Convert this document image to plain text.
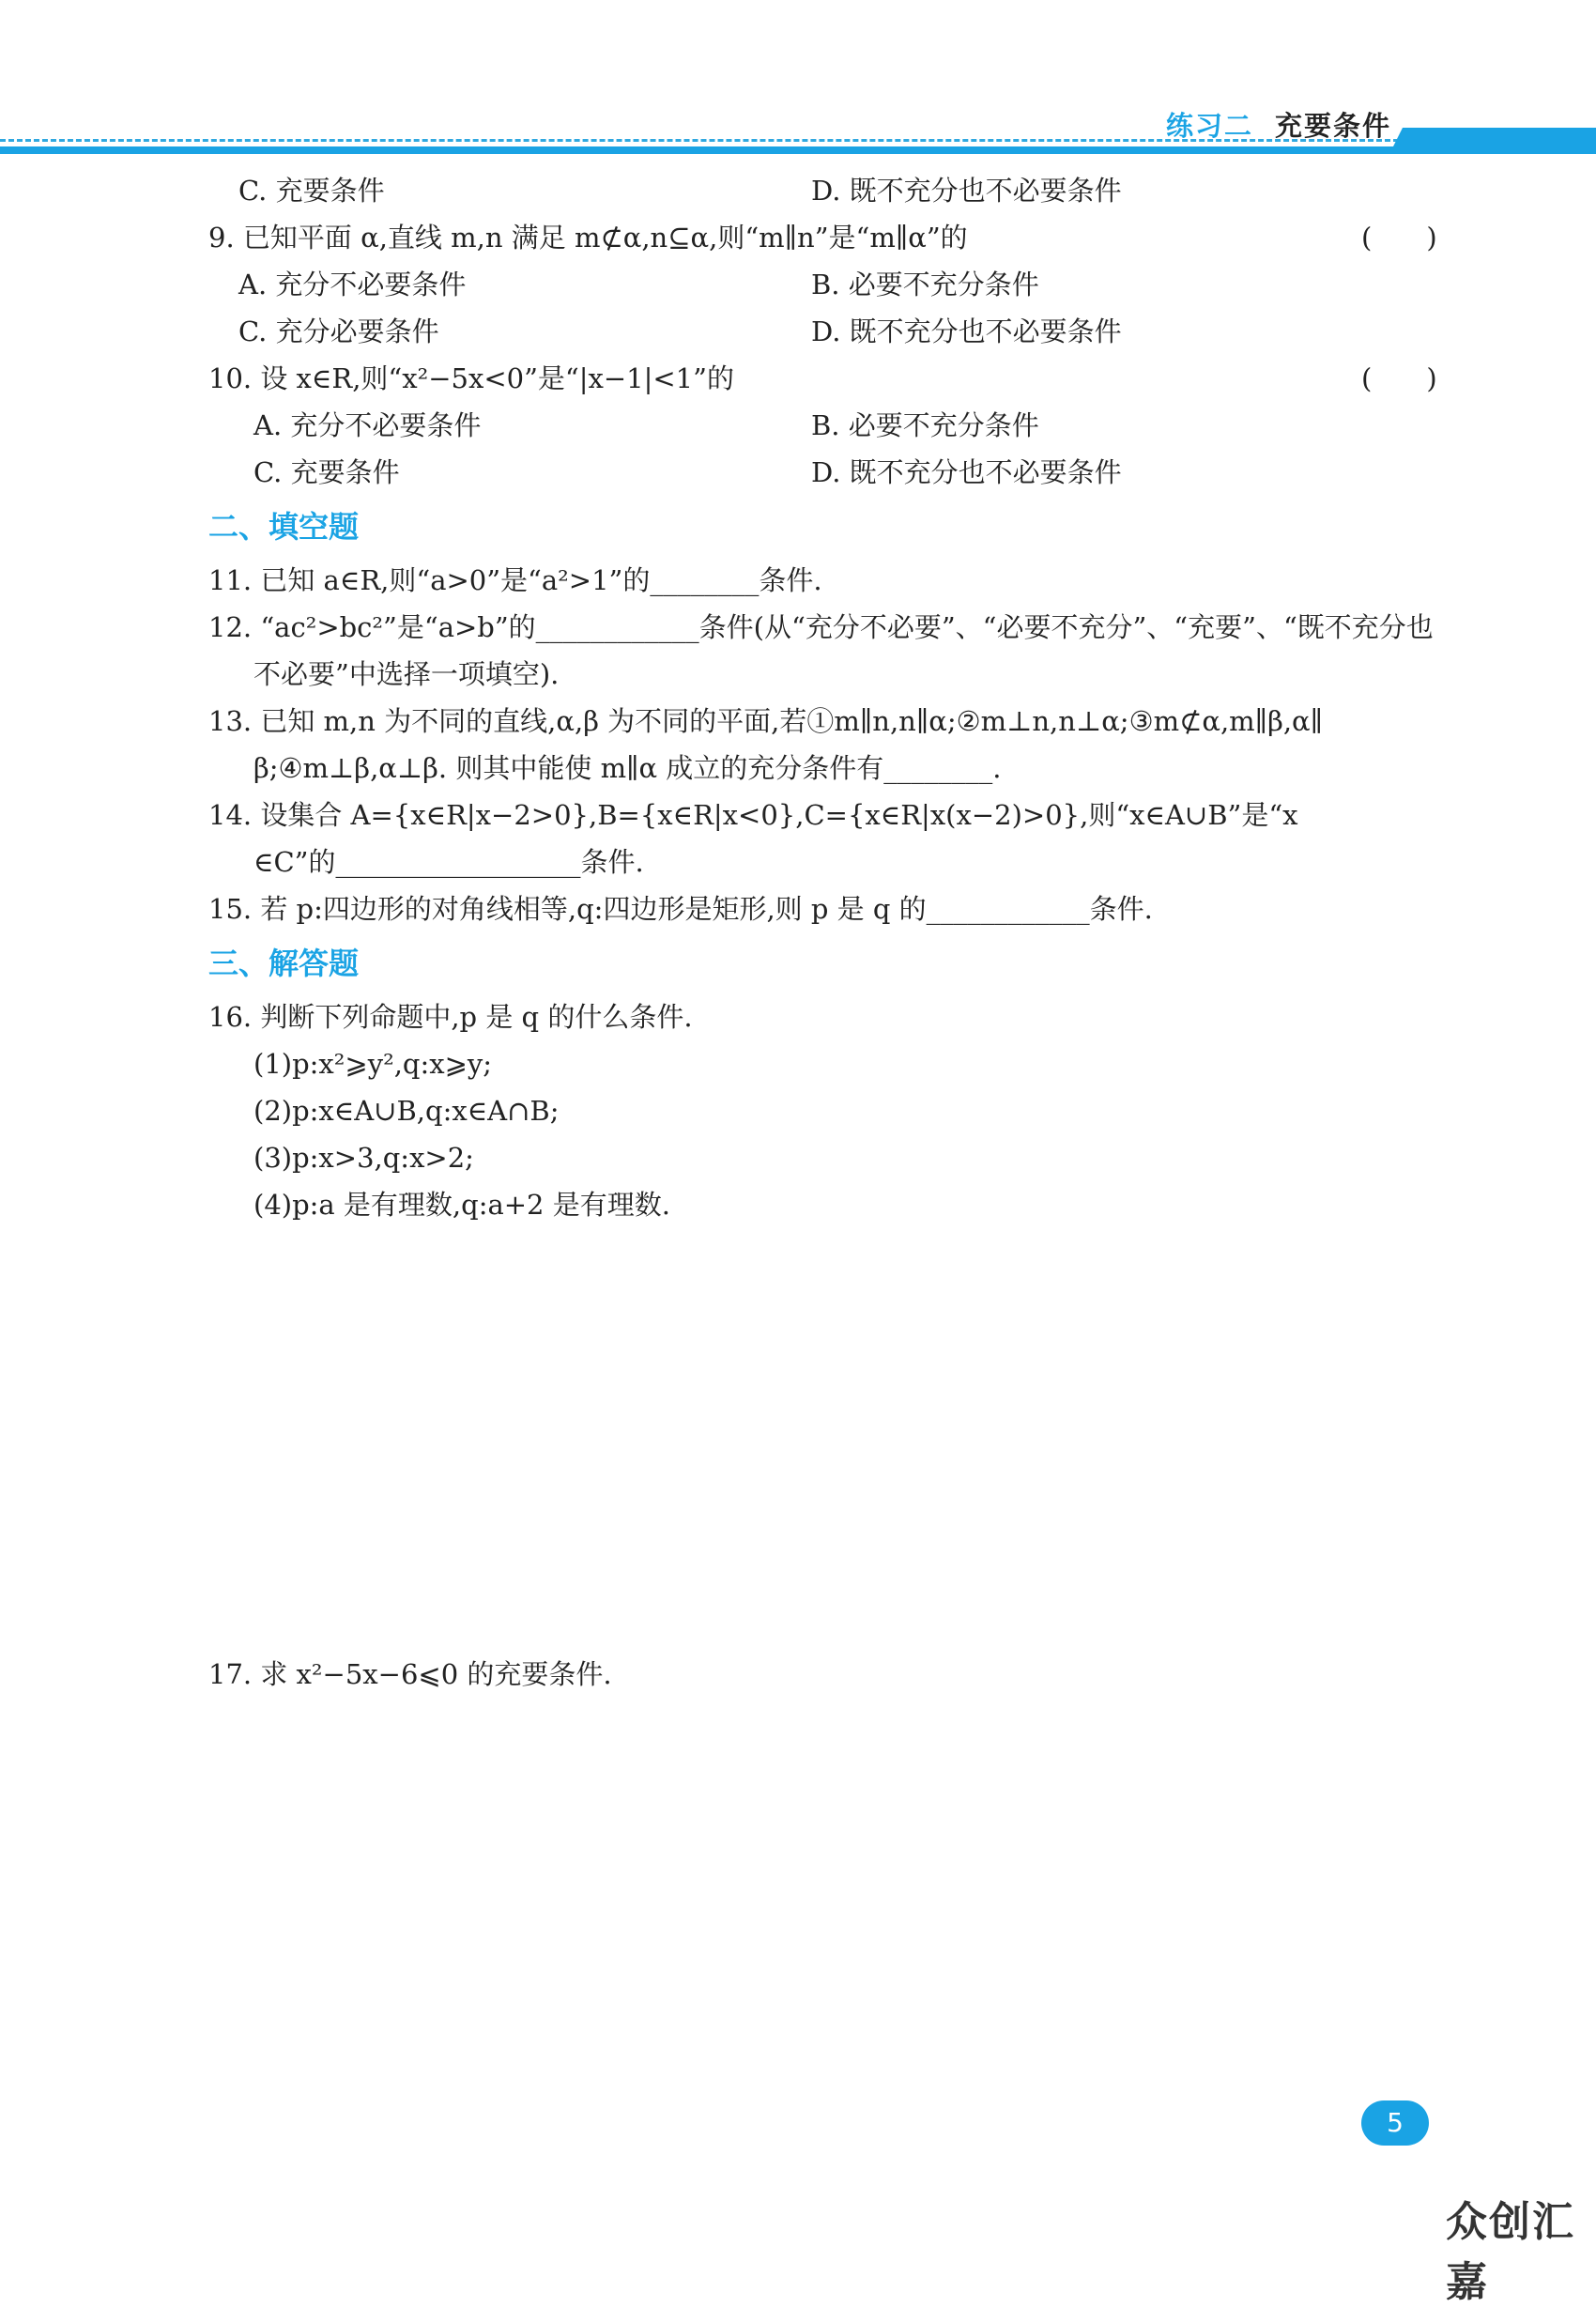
练习二 充要条件
C. 充要条件	D. 既不充分也不必要条件
9. 已知平面 α,直线 m,n 满足 m⊄α,n⊆α,则“m∥n”是“m∥α”的
A. 充分不必要条件	B. 必要不充分条件
C. 充分必要条件	D. 既不充分也不必要条件
10. 设 x∈R,则“x²−5x<0”是“|x−1|<1”的
A. 充分不必要条件	B. 必要不充分条件
C. 充要条件	D. 既不充分也不必要条件
11. 已知 a∈R,则“a>0”是“a²>1”的________条件.
12. “ac²>bc²”是“a>b”的____________条件(从“充分不必要”、“必要不充分”、“充要”、“既不充分也
不必要”中选择一项填空).
13. 已知 m,n 为不同的直线,α,β 为不同的平面,若①m∥n,n∥α;②m⊥n,n⊥α;③m⊄α,m∥β,α∥
β;④m⊥β,α⊥β. 则其中能使 m∥α 成立的充分条件有________.
14. 设集合 A={x∈R|x−2>0},B={x∈R|x<0},C={x∈R|x(x−2)>0},则“x∈A∪B”是“x
∈C”的__________________条件.
15. 若 p:四边形的对角线相等,q:四边形是矩形,则 p 是 q 的____________条件.
16. 判断下列命题中,p 是 q 的什么条件.
(1)p:x²⩾y²,q:x⩾y;
(2)p:x∈A∪B,q:x∈A∩B;
(3)p:x>3,q:x>2;
(4)p:a 是有理数,q:a+2 是有理数.
17. 求 x²−5x−6⩽0 的充要条件.
(　　)
(　　)
二、填空题
三、解答题
5
众创汇嘉
